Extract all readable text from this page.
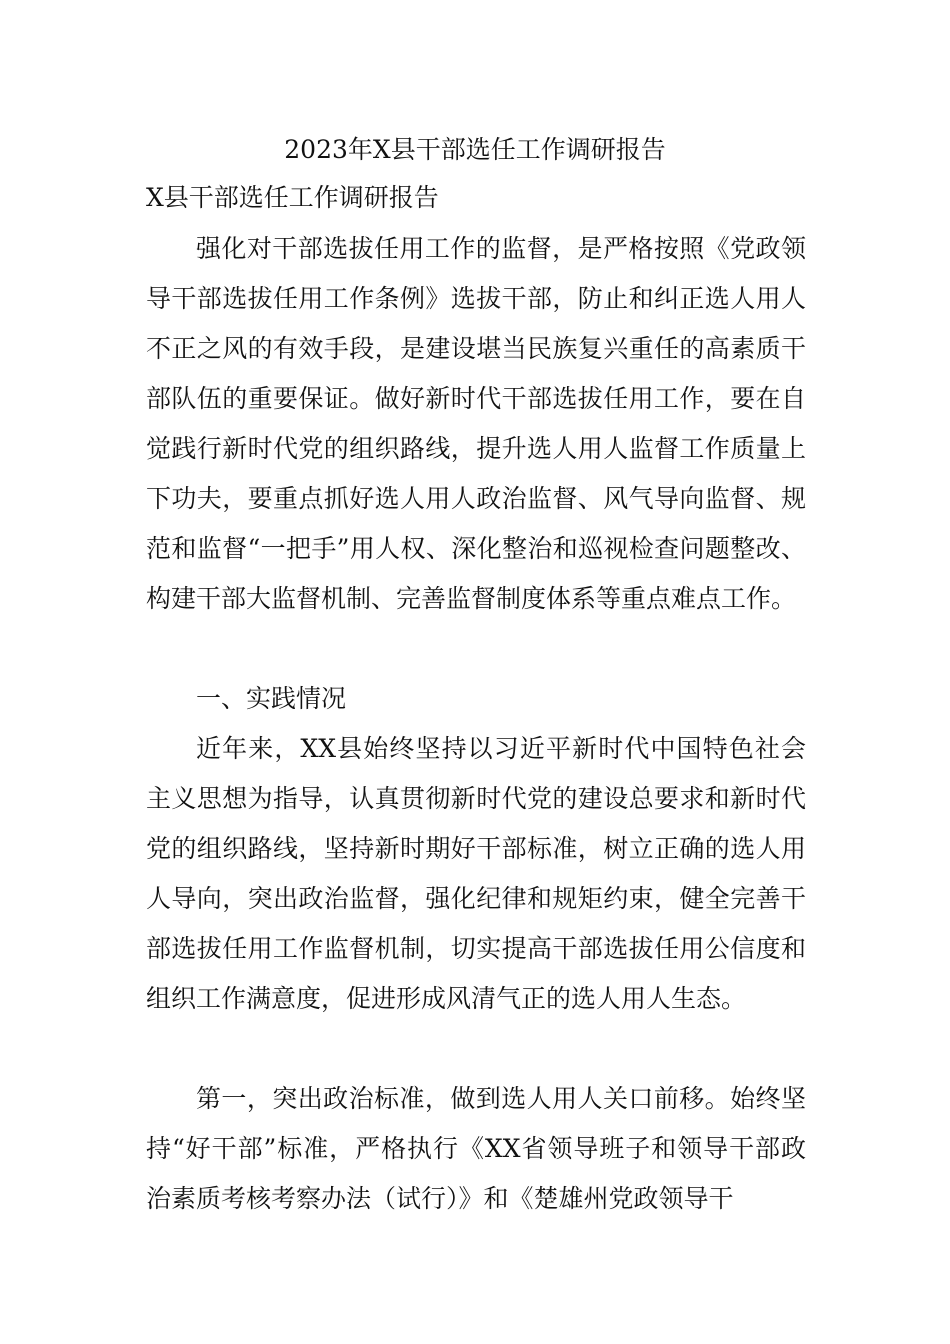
2023年X县干部选任工作调研报告
X县干部选任工作调研报告

强化对干部选拔任用工作的监督，是严格按照《党政领导干部选拔任用工作条例》选拔干部，防止和纠正选人用人不正之风的有效手段，是建设堪当民族复兴重任的高素质干部队伍的重要保证。做好新时代干部选拔任用工作，要在自觉践行新时代党的组织路线，提升选人用人监督工作质量上下功夫，要重点抓好选人用人政治监督、风气导向监督、规范和监督“一把手”用人权、深化整治和巡视检查问题整改、构建干部大监督机制、完善监督制度体系等重点难点工作。

一、实践情况

近年来，XX县始终坚持以习近平新时代中国特色社会主义思想为指导，认真贯彻新时代党的建设总要求和新时代党的组织路线，坚持新时期好干部标准，树立正确的选人用人导向，突出政治监督，强化纪律和规矩约束，健全完善干部选拔任用工作监督机制，切实提高干部选拔任用公信度和组织工作满意度，促进形成风清气正的选人用人生态。

第一，突出政治标准，做到选人用人关口前移。始终坚持“好干部”标准，严格执行《XX省领导班子和领导干部政治素质考核考察办法（试行）》和《楚雄州党政领导干
